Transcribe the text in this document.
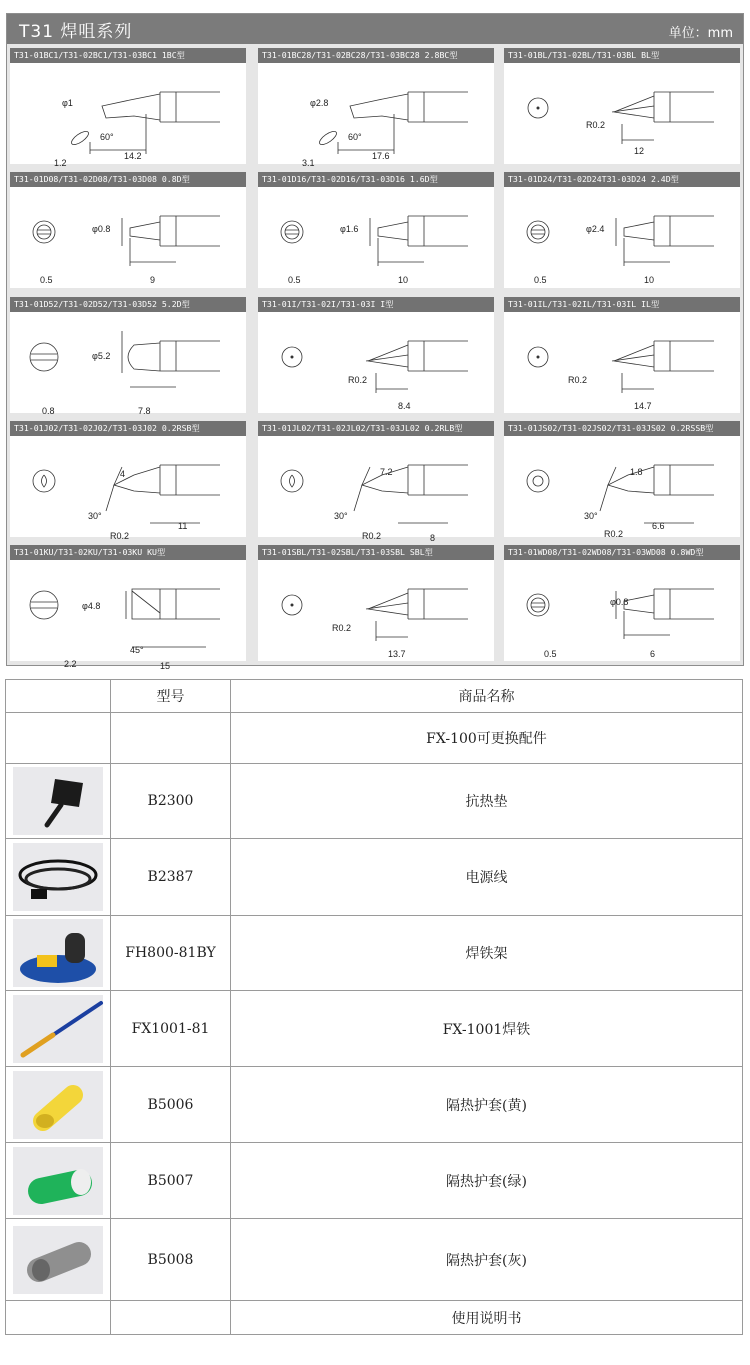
T31 焊咀系列	单位：mm
T31-01BC1/T31-02BC1/T31-03BC1 1BC型
φ1
60°
1.2
14.2
T31-01BC28/T31-02BC28/T31-03BC28 2.8BC型
φ2.8
60°
3.1
17.6
T31-01BL/T31-02BL/T31-03BL BL型
R0.2
12
T31-01D08/T31-02D08/T31-03D08 0.8D型
φ0.8
0.5	9
T31-01D16/T31-02D16/T31-03D16 1.6D型
φ1.6
0.5	10
T31-01D24/T31-02D24T31-03D24 2.4D型
φ2.4
0.5	10
T31-01D52/T31-02D52/T31-03D52 5.2D型
φ5.2
0.8	7.8
T31-01I/T31-02I/T31-03I I型
R0.2
8.4
T31-01IL/T31-02IL/T31-03IL IL型
R0.2
14.7
T31-01J02/T31-02J02/T31-03J02 0.2RSB型
4
30°
R0.2
11
T31-01JL02/T31-02JL02/T31-03JL02 0.2RLB型
7.2
30°
R0.2	8
T31-01JS02/T31-02JS02/T31-03JS02 0.2RSSB型
1.8
30°
R0.2
6.6
T31-01KU/T31-02KU/T31-03KU KU型
φ4.8
45°
2.2	15
T31-01SBL/T31-02SBL/T31-03SBL SBL型
R0.2
13.7
T31-01WD08/T31-02WD08/T31-03WD08 0.8WD型
φ0.8
0.5	6
	型号	商品名称
		FX-100可更换配件

	B2300	抗热垫

	B2387	电源线

	FH800-81BY	焊铁架

	FX1001-81	FX-1001焊铁

	B5006	隔热护套(黄)

	B5007	隔热护套(绿)

	B5008	隔热护套(灰)
		使用说明书
